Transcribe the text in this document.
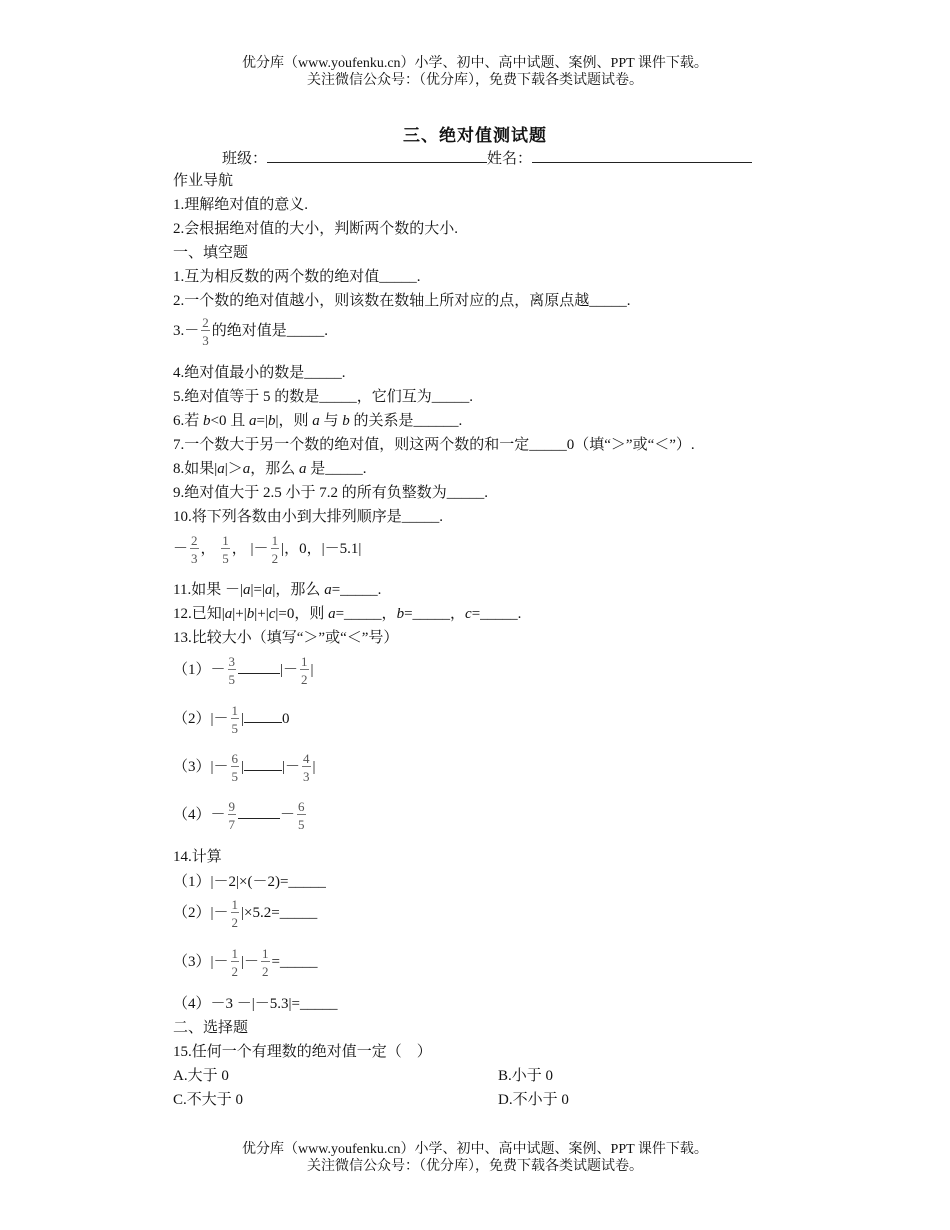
优分库（www.youfenku.cn）小学、初中、高中试题、案例、PPT 课件下载。
关注微信公众号：（优分库），免费下载各类试题试卷。
三、绝对值测试题
班级：	姓名：
作业导航
1.理解绝对值的意义.
2.会根据绝对值的大小，判断两个数的大小.
一、填空题
1.互为相反数的两个数的绝对值_____.
2.一个数的绝对值越小，则该数在数轴上所对应的点，离原点越_____.
$3.- \frac{2}{3}$ 的绝对值是_____.
4.绝对值最小的数是_____.
5.绝对值等于 5 的数是_____，它们互为_____.
6.若 b<0 且 a=|b|，则 a 与 b 的关系是______.
7.一个数大于另一个数的绝对值，则这两个数的和一定_____0（填“＞”或“＜”）.
8.如果|a|＞a，那么 a 是_____.
9.绝对值大于 2.5 小于 7.2 的所有负整数为_____.
10.将下列各数由小到大排列顺序是_____.
－ $\frac{2}{3}$ ， $\frac{1}{5}$ ， |－ $\frac{1}{2}$ |，0，|－5.1|
11.如果 －|a|=|a|，那么 a=_____.
12.已知|a|+|b|+|c|=0，则 a=_____，b=_____，c=_____.
13.比较大小（填写“＞”或“＜”号）
$(1)- \frac{3}{5}$	|－ $\frac{1}{2}$ |
$(2)|- \frac{1}{5}$ |	0
$(3)|- \frac{6}{5}$ |	|－ $\frac{4}{3}$ |
$(4)- \frac{9}{7}$	－ $\frac{6}{5}$
14.计算
（1）|－2|×(－2)=_____
$(2)|- \frac{1}{2}$ |×5.2=_____
$(3)|- \frac{1}{2}$ |－ $\frac{1}{2}$ =_____
（4）－3 －|－5.3|=_____
二、选择题
15.任何一个有理数的绝对值一定（　）
A.大于 0	B.小于 0
C.不大于 0	D.不小于 0
优分库（www.youfenku.cn）小学、初中、高中试题、案例、PPT 课件下载。
关注微信公众号：（优分库），免费下载各类试题试卷。
